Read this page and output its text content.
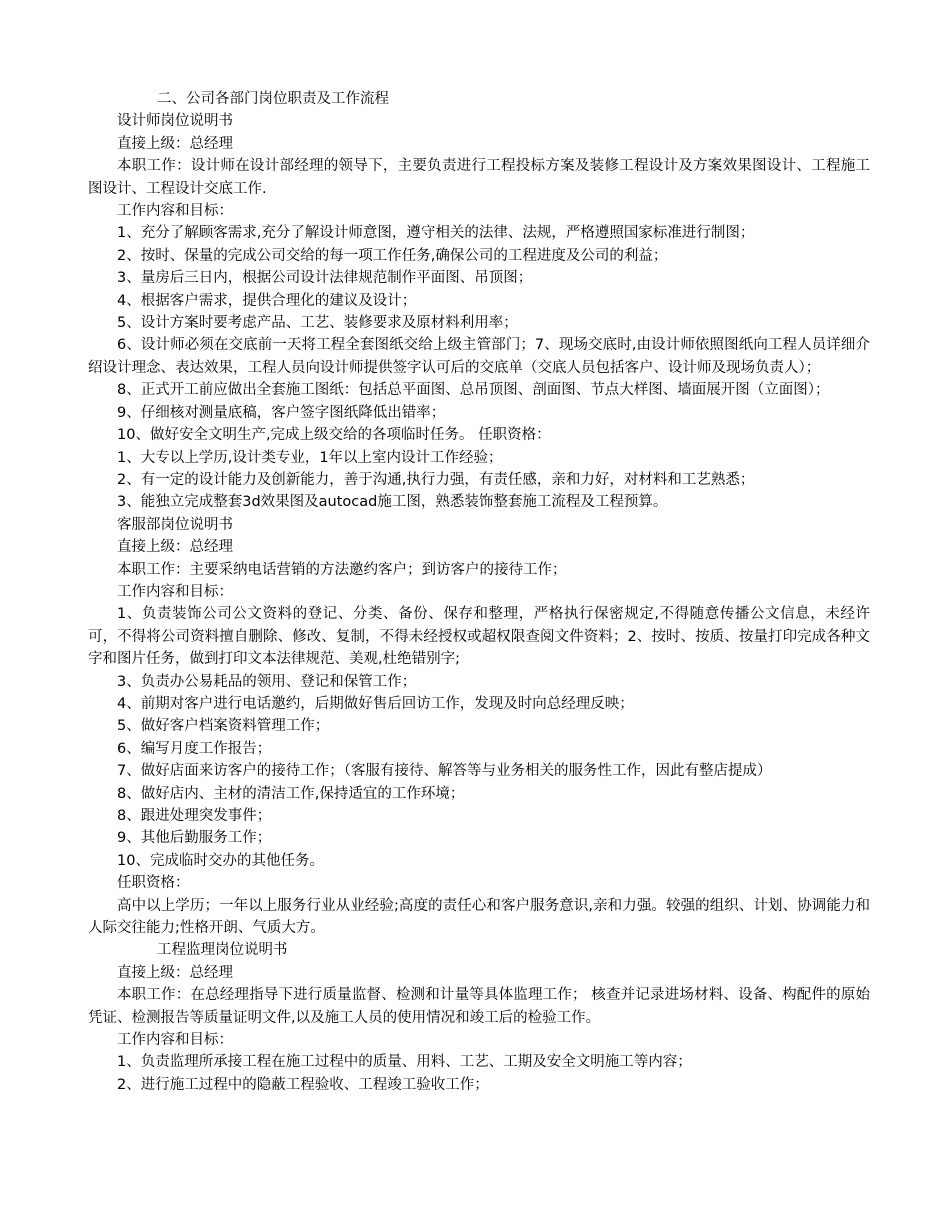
二、公司各部门岗位职责及工作流程

设计师岗位说明书

直接上级：总经理

本职工作：设计师在设计部经理的领导下，主要负责进行工程投标方案及装修工程设计及方案效果图设计、工程施工图设计、工程设计交底工作.

工作内容和目标：

1、充分了解顾客需求,充分了解设计师意图，遵守相关的法律、法规，严格遵照国家标准进行制图；

2、按时、保量的完成公司交给的每一项工作任务,确保公司的工程进度及公司的利益；

3、量房后三日内，根据公司设计法律规范制作平面图、吊顶图；

4、根据客户需求，提供合理化的建议及设计；

5、设计方案时要考虑产品、工艺、装修要求及原材料利用率；

6、设计师必须在交底前一天将工程全套图纸交给上级主管部门；7、现场交底时,由设计师依照图纸向工程人员详细介绍设计理念、表达效果，工程人员向设计师提供签字认可后的交底单（交底人员包括客户、设计师及现场负责人）；

8、正式开工前应做出全套施工图纸：包括总平面图、总吊顶图、剖面图、节点大样图、墙面展开图（立面图）；

9、仔细核对测量底稿，客户签字图纸降低出错率；

10、做好安全文明生产,完成上级交给的各项临时任务。 任职资格：

1、大专以上学历,设计类专业，1年以上室内设计工作经验；

2、有一定的设计能力及创新能力，善于沟通,执行力强，有责任感，亲和力好，对材料和工艺熟悉；

3、能独立完成整套3d效果图及autocad施工图，熟悉装饰整套施工流程及工程预算。

客服部岗位说明书

直接上级：总经理

本职工作：主要采纳电话营销的方法邀约客户；到访客户的接待工作；

工作内容和目标：

1、负责装饰公司公文资料的登记、分类、备份、保存和整理，严格执行保密规定,不得随意传播公文信息，未经许可，不得将公司资料擅自删除、修改、复制，不得未经授权或超权限查阅文件资料；2、按时、按质、按量打印完成各种文字和图片任务，做到打印文本法律规范、美观,杜绝错别字;

3、负责办公易耗品的领用、登记和保管工作；

4、前期对客户进行电话邀约，后期做好售后回访工作，发现及时向总经理反映；

5、做好客户档案资料管理工作；

6、编写月度工作报告；

7、做好店面来访客户的接待工作；（客服有接待、解答等与业务相关的服务性工作，因此有整店提成）

8、做好店内、主材的清洁工作,保持适宜的工作环境；

8、跟进处理突发事件；

9、其他后勤服务工作；

10、完成临时交办的其他任务。

任职资格：

高中以上学历；一年以上服务行业从业经验;高度的责任心和客户服务意识,亲和力强。较强的组织、计划、协调能力和人际交往能力;性格开朗、气质大方。

工程监理岗位说明书

直接上级：总经理

本职工作：在总经理指导下进行质量监督、检测和计量等具体监理工作； 核查并记录进场材料、设备、构配件的原始凭证、检测报告等质量证明文件,以及施工人员的使用情况和竣工后的检验工作。

工作内容和目标：

1、负责监理所承接工程在施工过程中的质量、用料、工艺、工期及安全文明施工等内容；

2、进行施工过程中的隐蔽工程验收、工程竣工验收工作；
